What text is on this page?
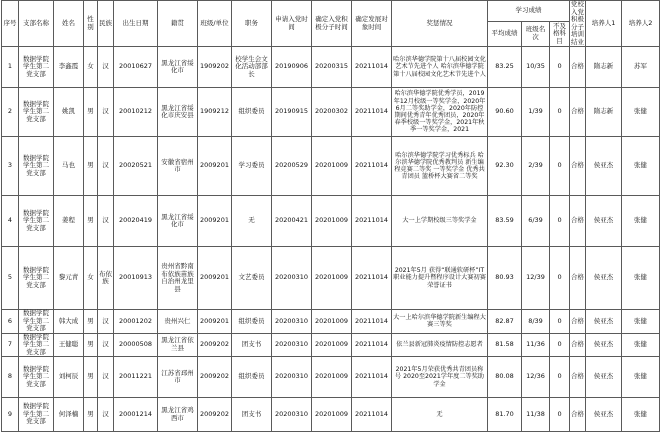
序号	支部名称	姓名	性别	民族	出生日期	籍贯	班级/单位	职务	申请入党时间	确定入党积极分子时间	确定发展对象时间	奖惩情况	学习成绩			党校入党积极分子培训结业	培养人1	培养人2
													平均成绩	班级名次	不及格科目			
1	数据学院学生第二党支部	李鑫霞	女	汉	20010627	黑龙江省绥化市	1909202	校学生会文化活动部部长	20190906	20200315	20211014	哈尔滨华德学院第十八届校园文化艺术节先进个人 哈尔滨华德学院第十八届校园文化艺术节先进个人	83.25	10/35	0	合格	隋志新	苏军
2	数据学院学生第二党支部	姚凯	男	汉	20010212	黑龙江省绥化市庆安县	1909212	组织委员	20190915	20200302	20211014	哈尔滨华德学院优秀学员，2019年12月校级一等奖学金，2020年6月二等奖助学金，2020年防控期间优秀青年优秀团员，2020年春季校级一等奖学金，2021年秋季一等奖学金，2021	90.60	1/39	0	合格	隋志新	张健
3	数据学院学生第二党支部	马也	男	汉	20020521	安徽省宿州市	2009201	学习委员	20200529	20201009	20211014	哈尔滨华德学院学习优秀标兵 哈尔滨华德学院优秀教判员 新生编程竞赛二等奖 一等奖学金 优秀共青团员 篮桥杯大赛省二等奖	92.30	2/39	0	合格	侯亚杰	张健
4	数据学院学生第二党支部	姜程	男	汉	20020419	黑龙江省绥化市	2009201	无	20200421	20201009	20211014	大一上学期校级三等奖学金	83.59	6/39	0	合格	侯亚杰	张健
5	数据学院学生第二党支部	黎元青	女	布依族	20010913	贵州省黔南布依族苗族自治州龙里县	2009201	文艺委员	20200310	20201009	20211014	2021年5月 获得“联通软研杯”IT职业能力提升暨程序设计大赛初赛荣誉证书	80.93	12/39	0	合格	侯亚杰	张健
6	数据学院学生第二党支部	韩大成	男	汉	20001202	贵州兴仁	2009201	组织委员	20200310	20201009	20211014	大一上哈尔滨华德学院新生编程大赛三等奖	82.87	8/39	0	合格	侯亚杰	张健
7	数据学院学生第二党支部	王健聪	男	汉	20000508	黑龙江省依兰县	2009202	团支书	20200310	20201009	20211014	依兰县新冠肺炎疫情防控志愿者	81.58	11/36	0	合格	侯亚杰	张健
8	数据学院学生第二党支部	刘柯辰	男	汉	20011221	江苏省邳州市	2009202	组织委员	20200310	20201009	20211014	2021年5月荣获优秀共青团员称号 2020至2021学年度二等奖助学金	80.08	12/36	0	合格	侯亚杰	张健
9	数据学院学生第二党支部	何泽楠	男	汉	20001214	黑龙江省鸡西市	2009202	团支书	20200310	20201009	20211014	无	81.70	11/38	0	合格	侯亚杰	张健
